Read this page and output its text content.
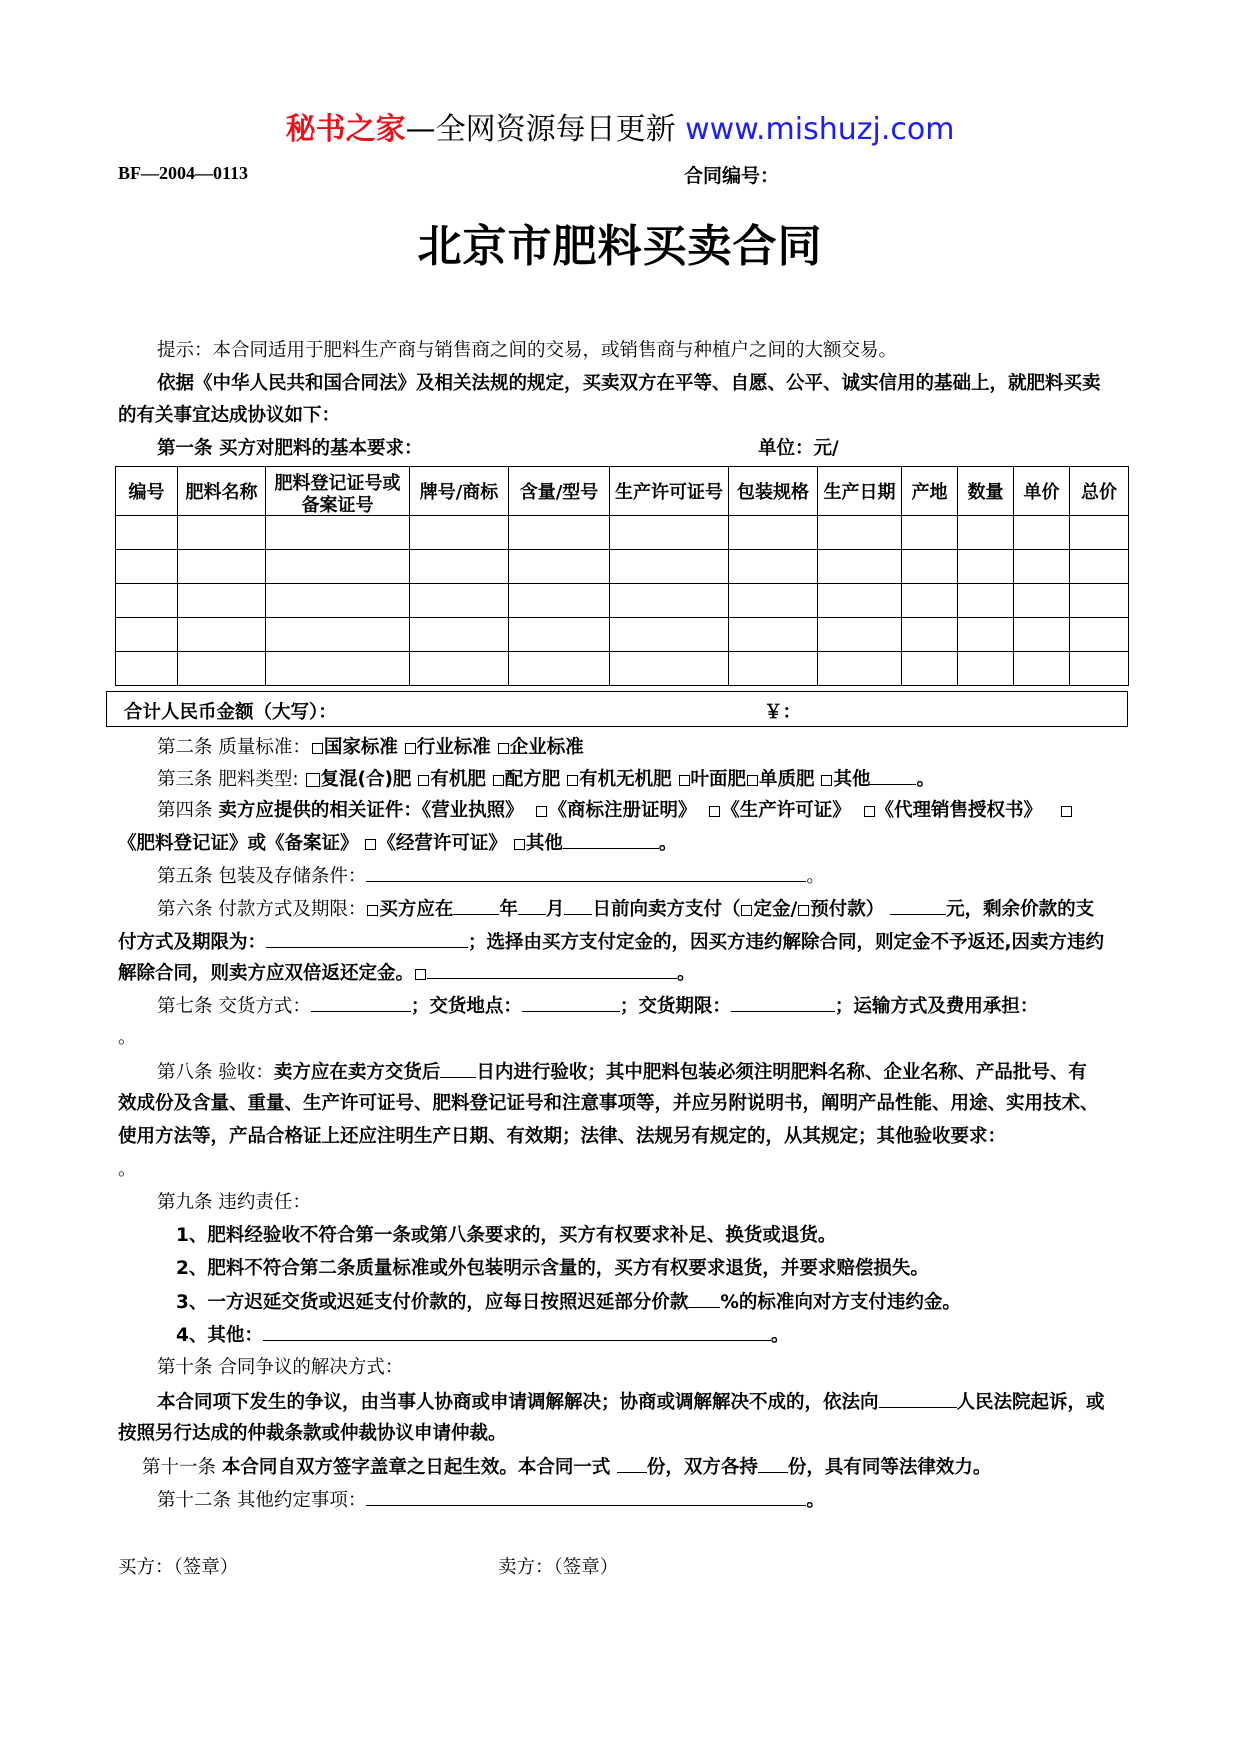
秘书之家—全网资源每日更新 www.mishuzj.com
BF—2004—0113	合同编号：
北京市肥料买卖合同
提示：本合同适用于肥料生产商与销售商之间的交易，或销售商与种植户之间的大额交易。
依据《中华人民共和国合同法》及相关法规的规定，买卖双方在平等、自愿、公平、诚实信用的基础上，就肥料买卖
的有关事宜达成协议如下：
第一条 买方对肥料的基本要求：	单位：元/
编号	肥料名称	肥料登记证号或备案证号	牌号/商标	含量/型号	生产许可证号	包装规格	生产日期	产地	数量	单价	总价

合计人民币金额（大写）：	￥：
第二条 质量标准： 国家标准 行业标准 企业标准
第三条 肥料类型: 复混(合)肥 有机肥 配方肥 有机无机肥 叶面肥 单质肥 其他 。
第四条 卖方应提供的相关证件：《营业执照》 《商标注册证明》 《生产许可证》 《代理销售授权书》
《肥料登记证》或《备案证》 《经营许可证》 其他	。
第五条 包装及存储条件：	。
第六条 付款方式及期限： 买方应在 年 月 日前向卖方支付（ 定金/ 预付款）	元，剩余价款的支
付方式及期限为：	；选择由买方支付定金的，因买方违约解除合同，则定金不予返还,因卖方违约
解除合同，则卖方应双倍返还定金。	。
第七条 交货方式：	；交货地点：	；交货期限：	；运输方式及费用承担：
。
第八条 验收：卖方应在卖方交货后 日内进行验收；其中肥料包装必须注明肥料名称、企业名称、产品批号、有
效成份及含量、重量、生产许可证号、肥料登记证号和注意事项等，并应另附说明书，阐明产品性能、用途、实用技术、
使用方法等，产品合格证上还应注明生产日期、有效期；法律、法规另有规定的，从其规定；其他验收要求：
。
第九条 违约责任：
1、肥料经验收不符合第一条或第八条要求的，买方有权要求补足、换货或退货。
2、肥料不符合第二条质量标准或外包装明示含量的，买方有权要求退货，并要求赔偿损失。
3、一方迟延交货或迟延支付价款的，应每日按照迟延部分价款 %的标准向对方支付违约金。
4、其他：	。
第十条 合同争议的解决方式：
本合同项下发生的争议，由当事人协商或申请调解解决；协商或调解解决不成的，依法向	人民法院起诉，或
按照另行达成的仲裁条款或仲裁协议申请仲裁。
第十一条 本合同自双方签字盖章之日起生效。本合同一式 份，双方各持 份，具有同等法律效力。
第十二条 其他约定事项：	。
买方：（签章）	卖方：（签章）
